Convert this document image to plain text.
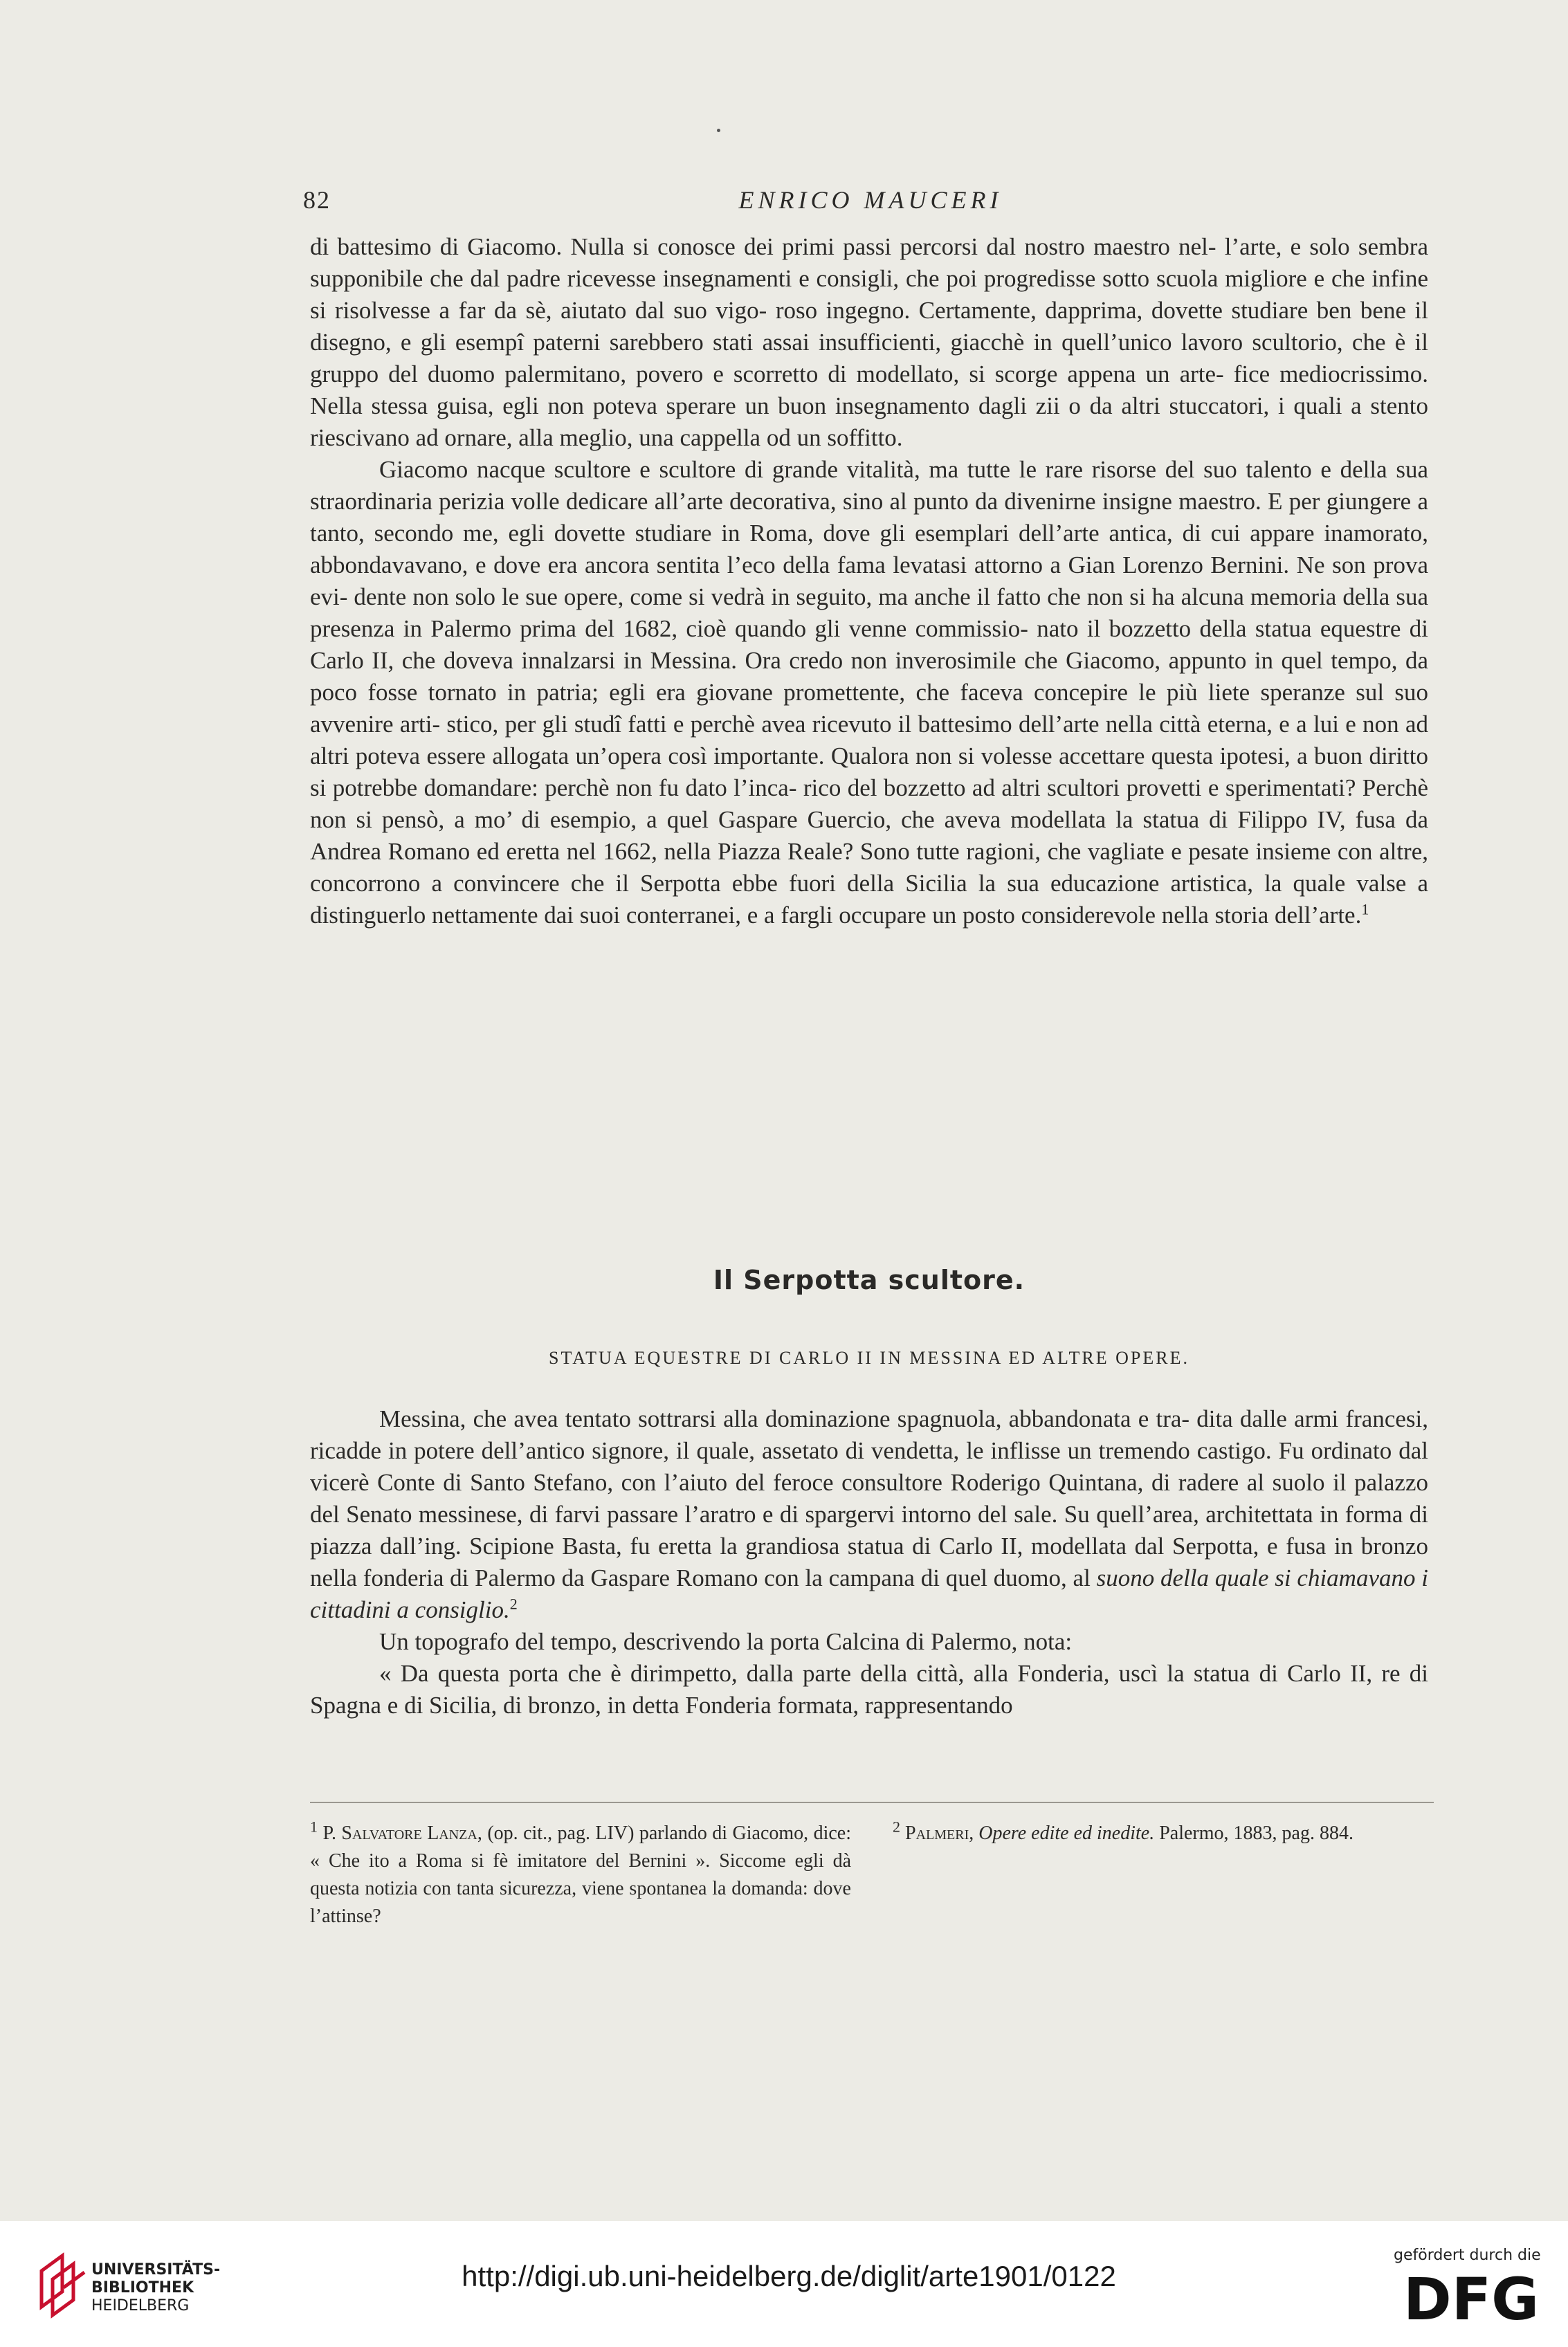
82	ENRICO MAUCERI

di battesimo di Giacomo. Nulla si conosce dei primi passi percorsi dal nostro maestro nel- l’arte, e solo sembra supponibile che dal padre ricevesse insegnamenti e consigli, che poi progredisse sotto scuola migliore e che infine si risolvesse a far da sè, aiutato dal suo vigo- roso ingegno. Certamente, dapprima, dovette studiare ben bene il disegno, e gli esempî paterni sarebbero stati assai insufficienti, giacchè in quell’unico lavoro scultorio, che è il gruppo del duomo palermitano, povero e scorretto di modellato, si scorge appena un arte- fice mediocrissimo. Nella stessa guisa, egli non poteva sperare un buon insegnamento dagli zii o da altri stuccatori, i quali a stento riescivano ad ornare, alla meglio, una cappella od un soffitto.

Giacomo nacque scultore e scultore di grande vitalità, ma tutte le rare risorse del suo talento e della sua straordinaria perizia volle dedicare all’arte decorativa, sino al punto da divenirne insigne maestro. E per giungere a tanto, secondo me, egli dovette studiare in Roma, dove gli esemplari dell’arte antica, di cui appare inamorato, abbondavavano, e dove era ancora sentita l’eco della fama levatasi attorno a Gian Lorenzo Bernini. Ne son prova evi- dente non solo le sue opere, come si vedrà in seguito, ma anche il fatto che non si ha alcuna memoria della sua presenza in Palermo prima del 1682, cioè quando gli venne commissio- nato il bozzetto della statua equestre di Carlo II, che doveva innalzarsi in Messina. Ora credo non inverosimile che Giacomo, appunto in quel tempo, da poco fosse tornato in patria; egli era giovane promettente, che faceva concepire le più liete speranze sul suo avvenire arti- stico, per gli studî fatti e perchè avea ricevuto il battesimo dell’arte nella città eterna, e a lui e non ad altri poteva essere allogata un’opera così importante. Qualora non si volesse accettare questa ipotesi, a buon diritto si potrebbe domandare: perchè non fu dato l’inca- rico del bozzetto ad altri scultori provetti e sperimentati? Perchè non si pensò, a mo’ di esempio, a quel Gaspare Guercio, che aveva modellata la statua di Filippo IV, fusa da Andrea Romano ed eretta nel 1662, nella Piazza Reale? Sono tutte ragioni, che vagliate e pesate insieme con altre, concorrono a convincere che il Serpotta ebbe fuori della Sicilia la sua educazione artistica, la quale valse a distinguerlo nettamente dai suoi conterranei, e a fargli occupare un posto considerevole nella storia dell’arte.$^1$

Il Serpotta scultore.
STATUA EQUESTRE DI CARLO II IN MESSINA ED ALTRE OPERE.

Messina, che avea tentato sottrarsi alla dominazione spagnuola, abbandonata e tra- dita dalle armi francesi, ricadde in potere dell’antico signore, il quale, assetato di vendetta, le inflisse un tremendo castigo. Fu ordinato dal vicerè Conte di Santo Stefano, con l’aiuto del feroce consultore Roderigo Quintana, di radere al suolo il palazzo del Senato messinese, di farvi passare l’aratro e di spargervi intorno del sale. Su quell’area, architettata in forma di piazza dall’ing. Scipione Basta, fu eretta la grandiosa statua di Carlo II, modellata dal Serpotta, e fusa in bronzo nella fonderia di Palermo da Gaspare Romano con la campana di quel duomo, al suono della quale si chiamavano i cittadini a consiglio.$^2$

Un topografo del tempo, descrivendo la porta Calcina di Palermo, nota:

« Da questa porta che è dirimpetto, dalla parte della città, alla Fonderia, uscì la statua di Carlo II, re di Spagna e di Sicilia, di bronzo, in detta Fonderia formata, rappresentando

$^1$ P. Salvatore Lanza, (op. cit., pag. LIV) parlando di Giacomo, dice: « Che ito a Roma si fè imitatore del Bernini ». Siccome egli dà questa notizia con tanta sicurezza, viene spontanea la domanda: dove l’attinse?

$^2$ Palmeri, Opere edite ed inedite. Palermo, 1883, pag. 884.

UNIVERSITÄTS-
BIBLIOTHEK
HEIDELBERG
http://digi.ub.uni-heidelberg.de/diglit/arte1901/0122
gefördert durch die
DFG
